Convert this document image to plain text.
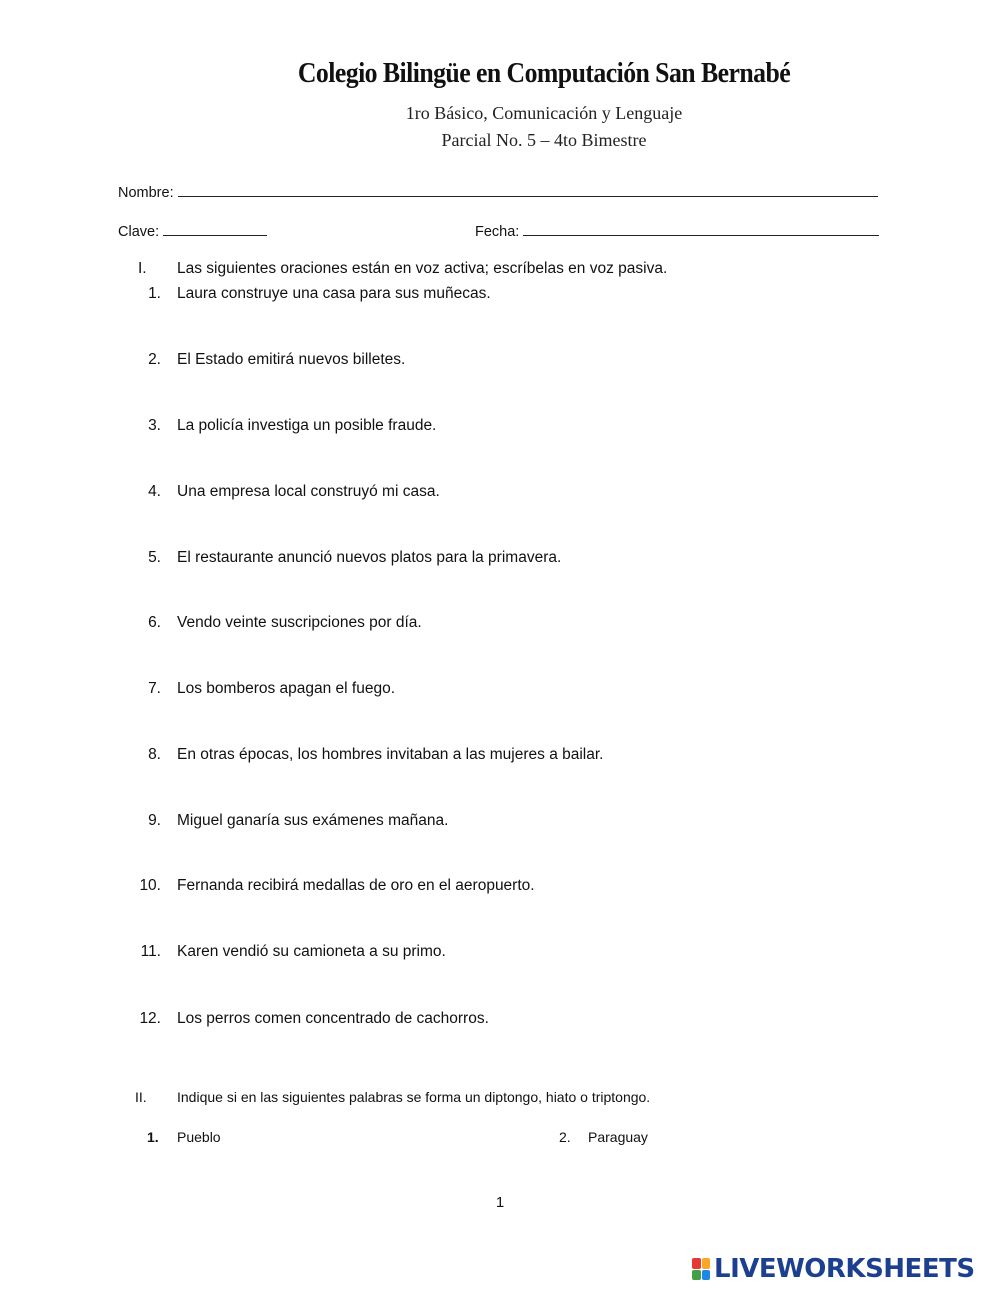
Colegio Bilingüe en Computación San Bernabé
1ro Básico, Comunicación y Lenguaje
Parcial No. 5 – 4to Bimestre
Nombre:
Clave:	Fecha:
I. Las siguientes oraciones están en voz activa; escríbelas en voz pasiva.
1. Laura construye una casa para sus muñecas.
2. El Estado emitirá nuevos billetes.
3. La policía investiga un posible fraude.
4. Una empresa local construyó mi casa.
5. El restaurante anunció nuevos platos para la primavera.
6. Vendo veinte suscripciones por día.
7. Los bomberos apagan el fuego.
8. En otras épocas, los hombres invitaban a las mujeres a bailar.
9. Miguel ganaría sus exámenes mañana.
10. Fernanda recibirá medallas de oro en el aeropuerto.
11. Karen vendió su camioneta a su primo.
12. Los perros comen concentrado de cachorros.
II. Indique si en las siguientes palabras se forma un diptongo, hiato o triptongo.
1. Pueblo	2. Paraguay
1
LIVEWORKSHEETS
